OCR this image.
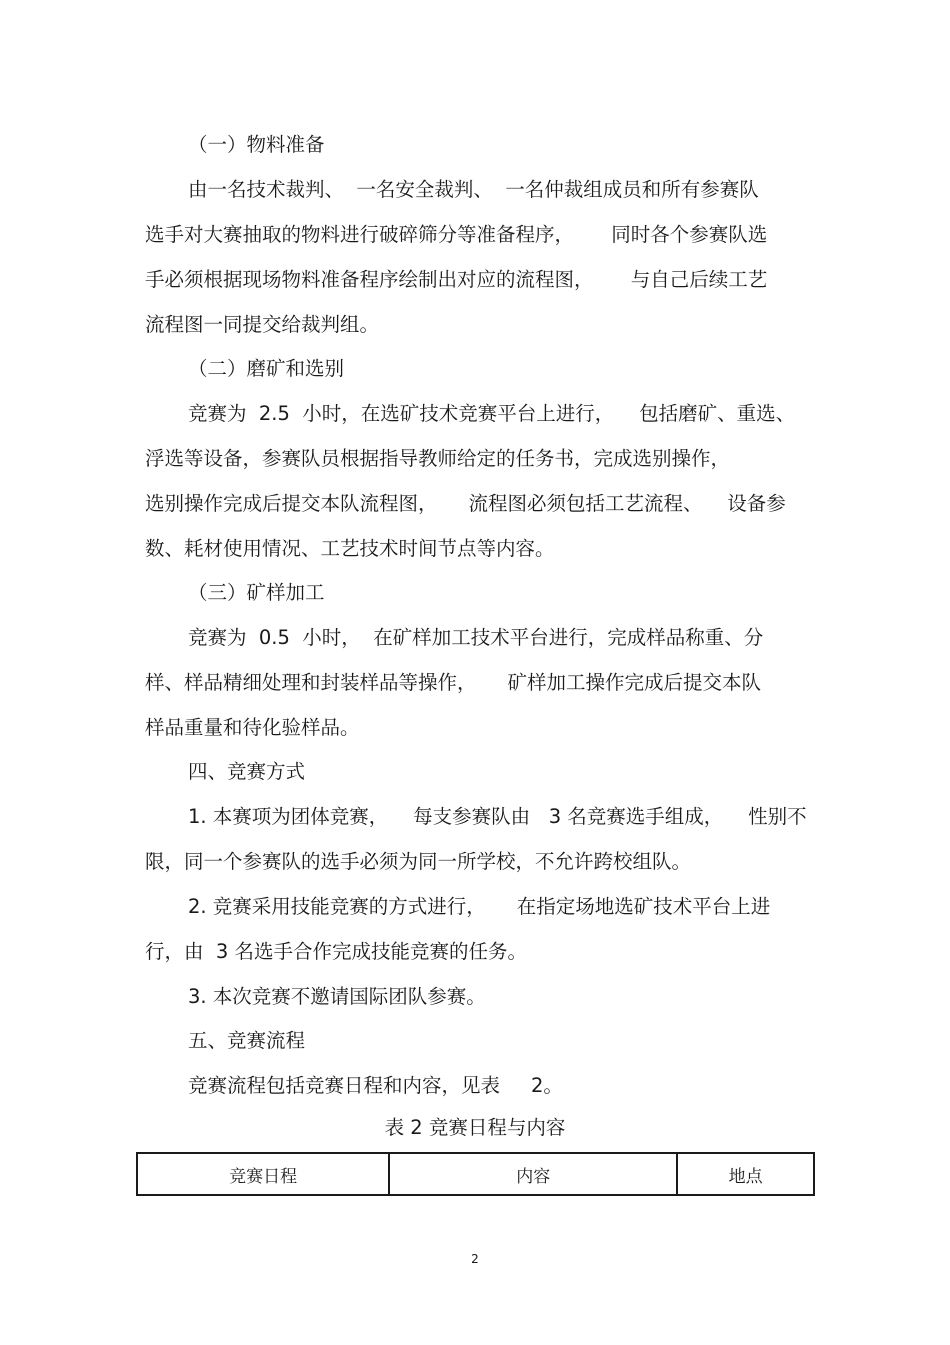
（一）物料准备
由一名技术裁判、  一名安全裁判、  一名仲裁组成员和所有参赛队
选手对大赛抽取的物料进行破碎筛分等准备程序，      同时各个参赛队选
手必须根据现场物料准备程序绘制出对应的流程图，      与自己后续工艺
流程图一同提交给裁判组。
（二）磨矿和选别
竞赛为  2.5  小时，在选矿技术竞赛平台上进行，    包括磨矿、重选、
浮选等设备，参赛队员根据指导教师给定的任务书，完成选别操作，
选别操作完成后提交本队流程图，     流程图必须包括工艺流程、    设备参
数、耗材使用情况、工艺技术时间节点等内容。
（三）矿样加工
竞赛为  0.5  小时，  在矿样加工技术平台进行，完成样品称重、分
样、样品精细处理和封装样品等操作，     矿样加工操作完成后提交本队
样品重量和待化验样品。
四、竞赛方式
1. 本赛项为团体竞赛，    每支参赛队由   3 名竞赛选手组成，    性别不
限，同一个参赛队的选手必须为同一所学校，不允许跨校组队。
2. 竞赛采用技能竞赛的方式进行，     在指定场地选矿技术平台上进
行，由  3 名选手合作完成技能竞赛的任务。
3. 本次竞赛不邀请国际团队参赛。
五、竞赛流程
竞赛流程包括竞赛日程和内容，见表     2。
表 2 竞赛日程与内容
竞赛日程	内容	地点
2
